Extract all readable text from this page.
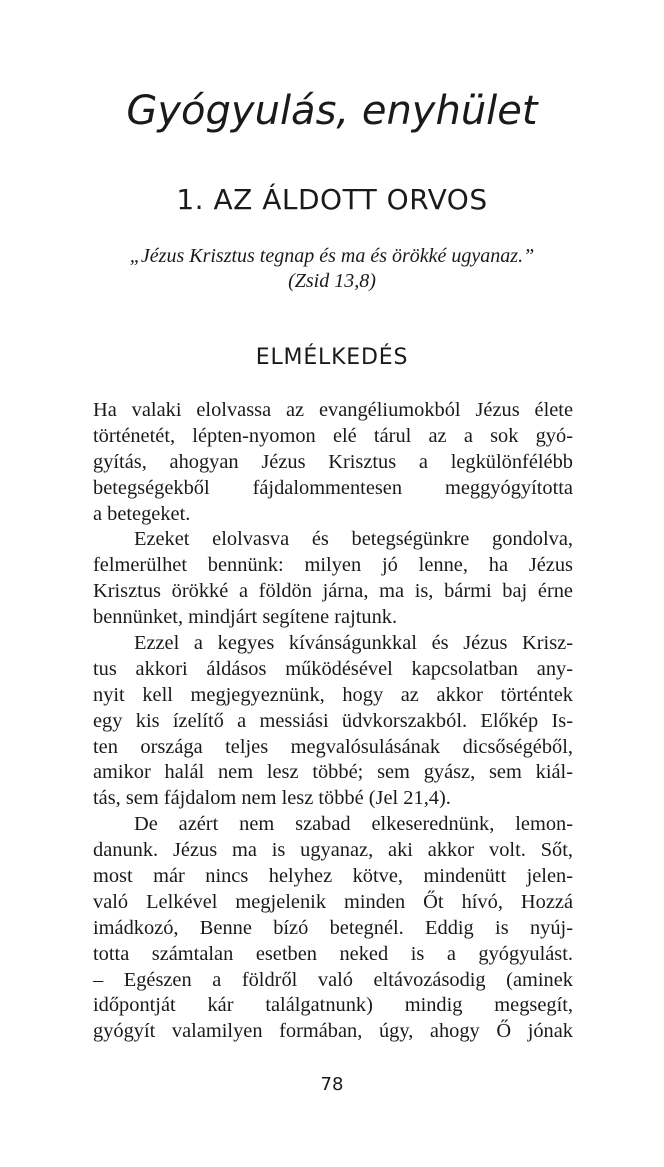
Gyógyulás, enyhület
1. AZ ÁLDOTT ORVOS
„Jézus Krisztus tegnap és ma és örökké ugyanaz.”
(Zsid 13,8)
ELMÉLKEDÉS
Ha valaki elolvassa az evangéliumokból Jézus élete
történetét, lépten-nyomon elé tárul az a sok gyó-
gyítás, ahogyan Jézus Krisztus a legkülönfélébb
betegségekből fájdalommentesen meggyógyította
a betegeket.
Ezeket elolvasva és betegségünkre gondolva,
felmerülhet bennünk: milyen jó lenne, ha Jézus
Krisztus örökké a földön járna, ma is, bármi baj érne
bennünket, mindjárt segítene rajtunk.
Ezzel a kegyes kívánságunkkal és Jézus Krisz-
tus akkori áldásos működésével kapcsolatban any-
nyit kell megjegyeznünk, hogy az akkor történtek
egy kis ízelítő a messiási üdvkorszakból. Előkép Is-
ten országa teljes megvalósulásának dicsőségéből,
amikor halál nem lesz többé; sem gyász, sem kiál-
tás, sem fájdalom nem lesz többé (Jel 21,4).
De azért nem szabad elkeserednünk, lemon-
danunk. Jézus ma is ugyanaz, aki akkor volt. Sőt,
most már nincs helyhez kötve, mindenütt jelen-
való Lelkével megjelenik minden Őt hívó, Hozzá
imádkozó, Benne bízó betegnél. Eddig is nyúj-
totta számtalan esetben neked is a gyógyulást.
– Egészen a földről való eltávozásodig (aminek
időpontját kár találgatnunk) mindig megsegít,
gyógyít valamilyen formában, úgy, ahogy Ő jónak
78
